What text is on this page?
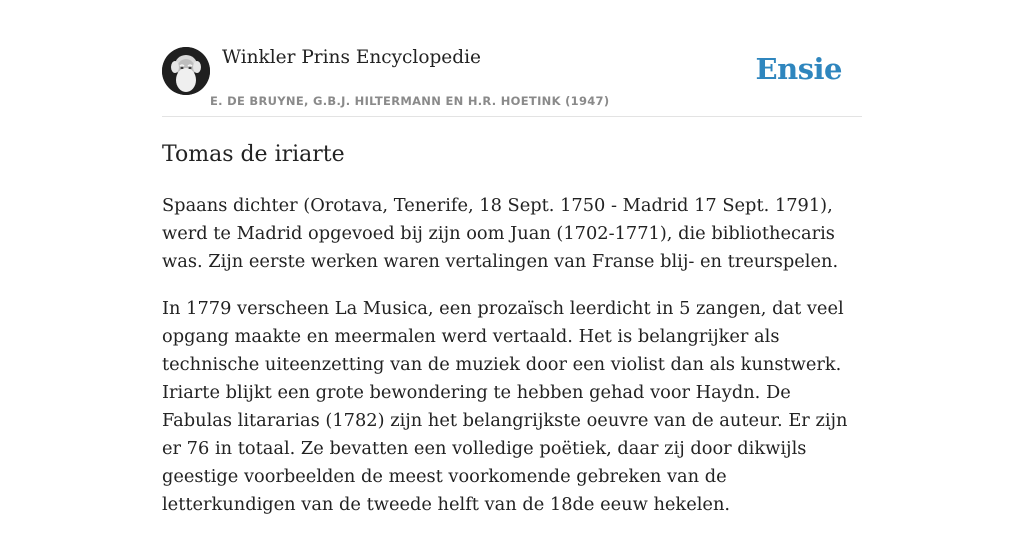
Winkler Prins Encyclopedie
E. DE BRUYNE, G.B.J. HILTERMANN EN H.R. HOETINK (1947)
Ensie
Tomas de iriarte

Spaans dichter (Orotava, Tenerife, 18 Sept. 1750 - Madrid 17 Sept. 1791), werd te Madrid opgevoed bij zijn oom Juan (1702-1771), die bibliothecaris was. Zijn eerste werken waren vertalingen van Franse blij- en treurspelen.

In 1779 verscheen La Musica, een prozaïsch leerdicht in 5 zangen, dat veel opgang maakte en meermalen werd vertaald. Het is belangrijker als technische uiteenzetting van de muziek door een violist dan als kunstwerk. Iriarte blijkt een grote bewondering te hebben gehad voor Haydn. De Fabulas litararias (1782) zijn het belangrijkste oeuvre van de auteur. Er zijn er 76 in totaal. Ze bevatten een volledige poëtiek, daar zij door dikwijls geestige voorbeelden de meest voorkomende gebreken van de letterkundigen van de tweede helft van de 18de eeuw hekelen.
